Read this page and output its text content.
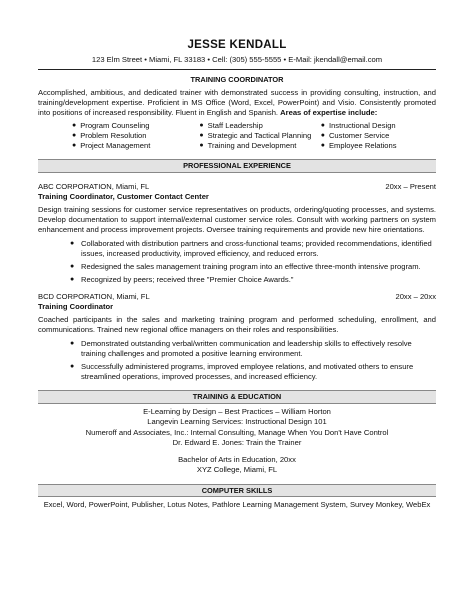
JESSE KENDALL
123 Elm Street • Miami, FL 33183 • Cell: (305) 555-5555 • E-Mail: jkendall@email.com
TRAINING COORDINATOR

Accomplished, ambitious, and dedicated trainer with demonstrated success in providing consulting, instruction, and training/development expertise. Proficient in MS Office (Word, Excel, PowerPoint) and Visio. Consistently promoted into positions of increased responsibility. Fluent in English and Spanish. Areas of expertise include:

● Program Counseling	● Staff Leadership	● Instructional Design
● Problem Resolution	● Strategic and Tactical Planning ● Customer Service
● Project Management	● Training and Development	● Employee Relations
PROFESSIONAL EXPERIENCE
ABC CORPORATION, Miami, FL	20xx – Present
Training Coordinator, Customer Contact Center

Design training sessions for customer service representatives on products, ordering/quoting processes, and systems. Develop documentation to support internal/external customer service roles. Consult with working partners on system enhancement and process improvement projects. Oversee training requirements and provide new hire orientations.

● Collaborated with distribution partners and cross-functional teams; provided recommendations, identified issues, increased productivity, improved efficiency, and reduced errors.
● Redesigned the sales management training program into an effective three-month intensive program.
● Recognized by peers; received three "Premier Choice Awards."
BCD CORPORATION, Miami, FL	20xx – 20xx
Training Coordinator

Coached participants in the sales and marketing training program and performed scheduling, enrollment, and communications. Trained new regional office managers on their roles and responsibilities.

● Demonstrated outstanding verbal/written communication and leadership skills to effectively resolve training challenges and promoted a positive learning environment.
● Successfully administered programs, improved employee relations, and motivated others to ensure streamlined operations, improved processes, and increased efficiency.
TRAINING & EDUCATION
E-Learning by Design – Best Practices – William Horton
Langevin Learning Services: Instructional Design 101
Numeroff and Associates, Inc.: Internal Consulting, Manage When You Don't Have Control
Dr. Edward E. Jones: Train the Trainer
Bachelor of Arts in Education, 20xx
XYZ College, Miami, FL
COMPUTER SKILLS
Excel, Word, PowerPoint, Publisher, Lotus Notes, Pathlore Learning Management System, Survey Monkey, WebEx
